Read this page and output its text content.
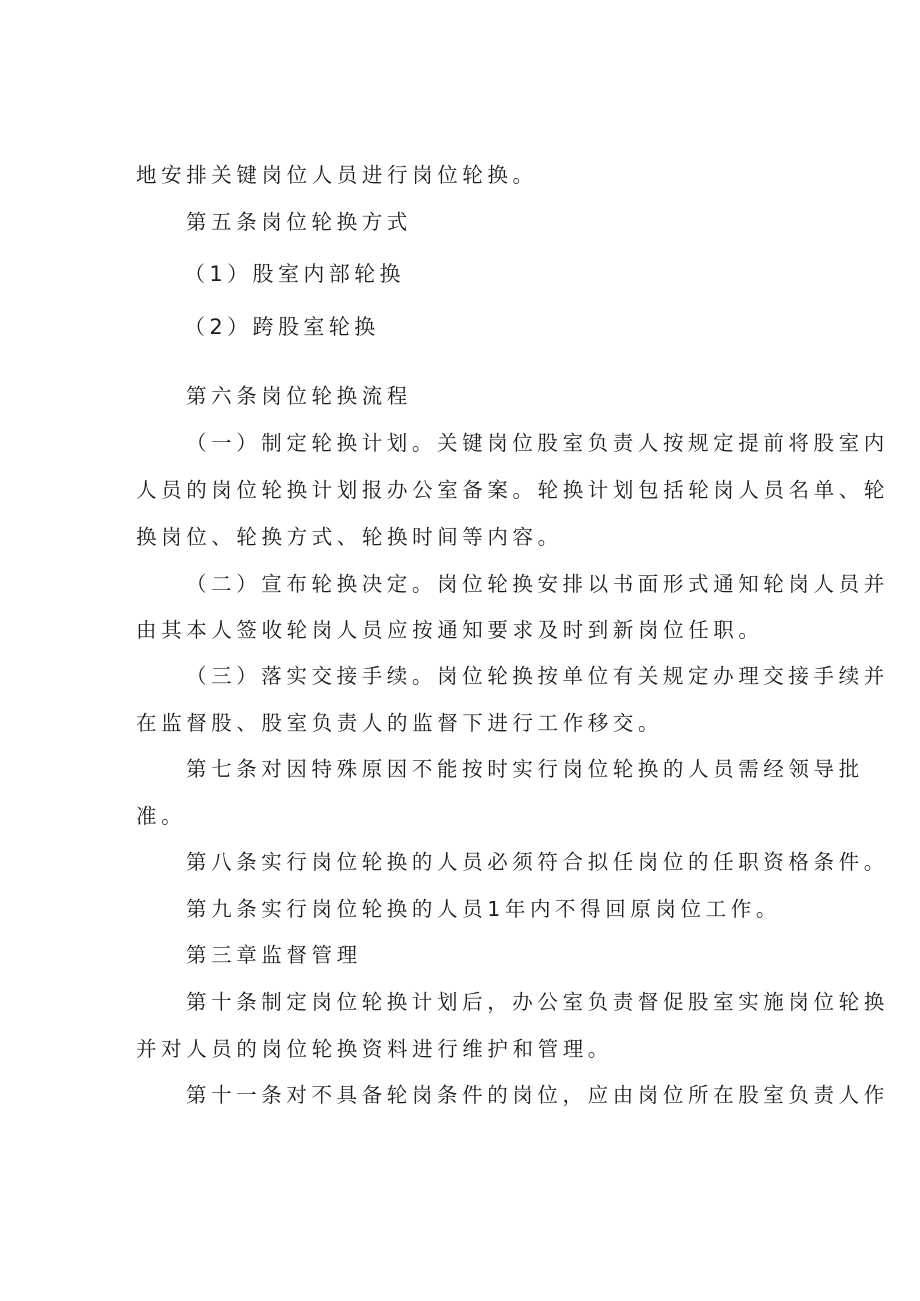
地安排关键岗位人员进行岗位轮换。
第五条岗位轮换方式
（1）股室内部轮换
（2）跨股室轮换
第六条岗位轮换流程
（一）制定轮换计划。关键岗位股室负责人按规定提前将股室内
人员的岗位轮换计划报办公室备案。轮换计划包括轮岗人员名单、轮
换岗位、轮换方式、轮换时间等内容。
（二）宣布轮换决定。岗位轮换安排以书面形式通知轮岗人员并
由其本人签收轮岗人员应按通知要求及时到新岗位任职。
（三）落实交接手续。岗位轮换按单位有关规定办理交接手续并
在监督股、股室负责人的监督下进行工作移交。
第七条对因特殊原因不能按时实行岗位轮换的人员需经领导批
准。
第八条实行岗位轮换的人员必须符合拟任岗位的任职资格条件。
第九条实行岗位轮换的人员1年内不得回原岗位工作。
第三章监督管理
第十条制定岗位轮换计划后，办公室负责督促股室实施岗位轮换
并对人员的岗位轮换资料进行维护和管理。
第十一条对不具备轮岗条件的岗位，应由岗位所在股室负责人作
